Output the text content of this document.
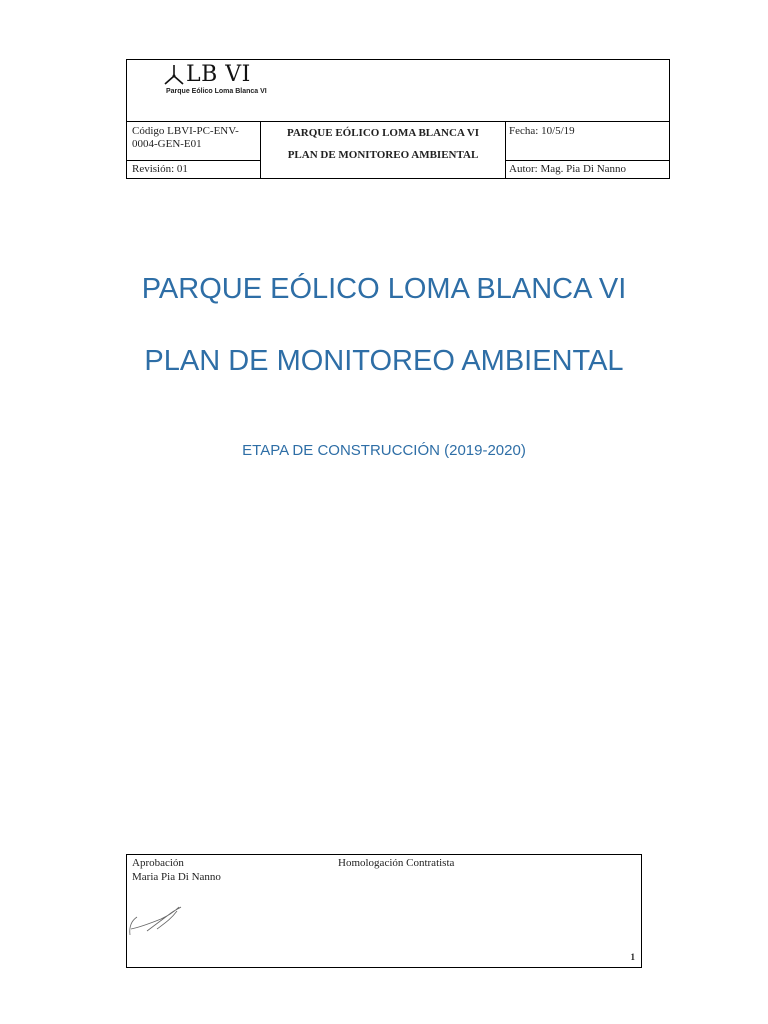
LB VI
Parque Eólico Loma Blanca VI
Código LBVI-PC-ENV-0004-GEN-E01
PARQUE EÓLICO LOMA BLANCA VI
PLAN DE MONITOREO AMBIENTAL
Fecha: 10/5/19
Revisión: 01	Autor: Mag. Pia Di Nanno
PARQUE EÓLICO LOMA BLANCA VI
PLAN DE MONITOREO AMBIENTAL
ETAPA DE CONSTRUCCIÓN (2019-2020)
Aprobación
Maria Pia Di Nanno
Homologación Contratista
1
